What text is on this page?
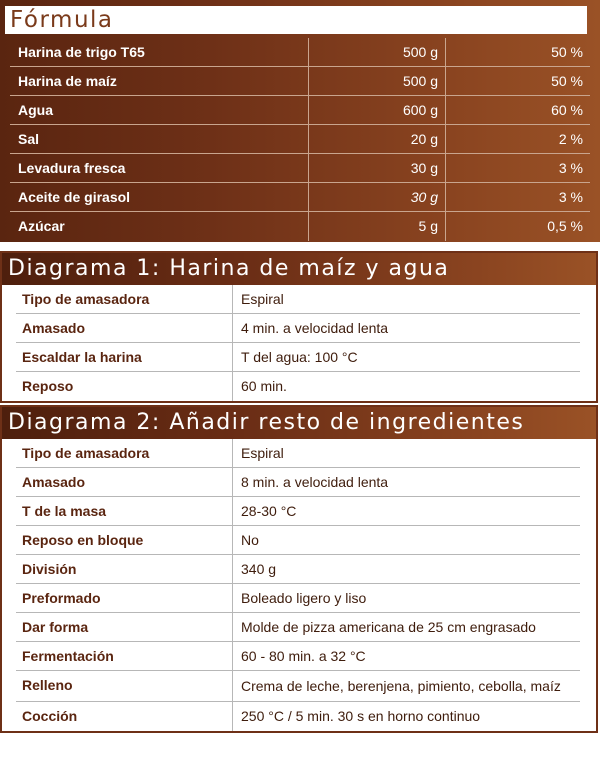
Fórmula
Harina de trigo T65	500 g	50 %
Harina de maíz	500 g	50 %
Agua	600 g	60 %
Sal	20 g	2 %
Levadura fresca	30 g	3 %
Aceite de girasol	30 g	3 %
Azúcar	5 g	0,5 %
Diagrama 1: Harina de maíz y agua
Tipo de amasadora	Espiral
Amasado	4 min. a velocidad lenta
Escaldar la harina	T del agua: 100 °C
Reposo	60 min.
Diagrama 2: Añadir resto de ingredientes
Tipo de amasadora	Espiral
Amasado	8 min. a velocidad lenta
T de la masa	28-30 °C
Reposo en bloque	No
División	340 g
Preformado	Boleado ligero y liso
Dar forma	Molde de pizza americana de 25 cm engrasado
Fermentación	60 - 80 min. a 32 °C
Relleno	Crema de leche, berenjena, pimiento, cebolla, maíz
Cocción	250 °C / 5 min. 30 s en horno continuo
